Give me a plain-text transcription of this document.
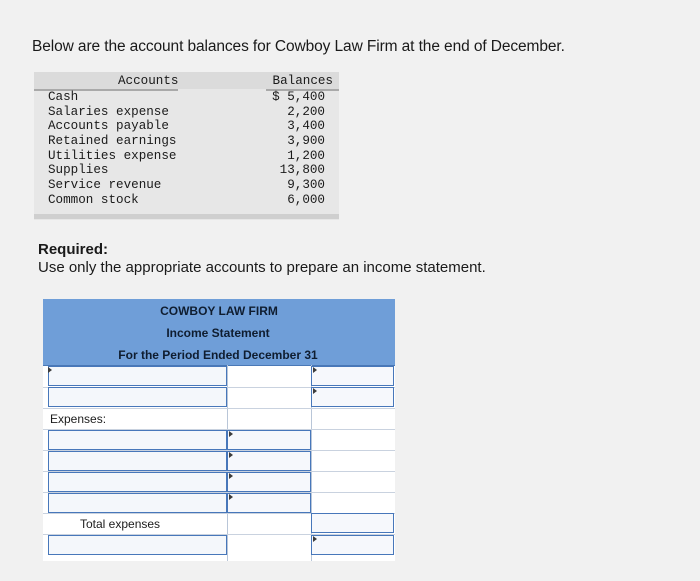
Below are the account balances for Cowboy Law Firm at the end of December.
Accounts	Balances
Cash
Salaries expense
Accounts payable
Retained earnings
Utilities expense
Supplies
Service revenue
Common stock
$ 5,400
2,200
3,400
3,900
1,200
13,800
9,300
6,000
Required:
Use only the appropriate accounts to prepare an income statement.
COWBOY LAW FIRM
Income Statement
For the Period Ended December 31
Expenses:
Total expenses
